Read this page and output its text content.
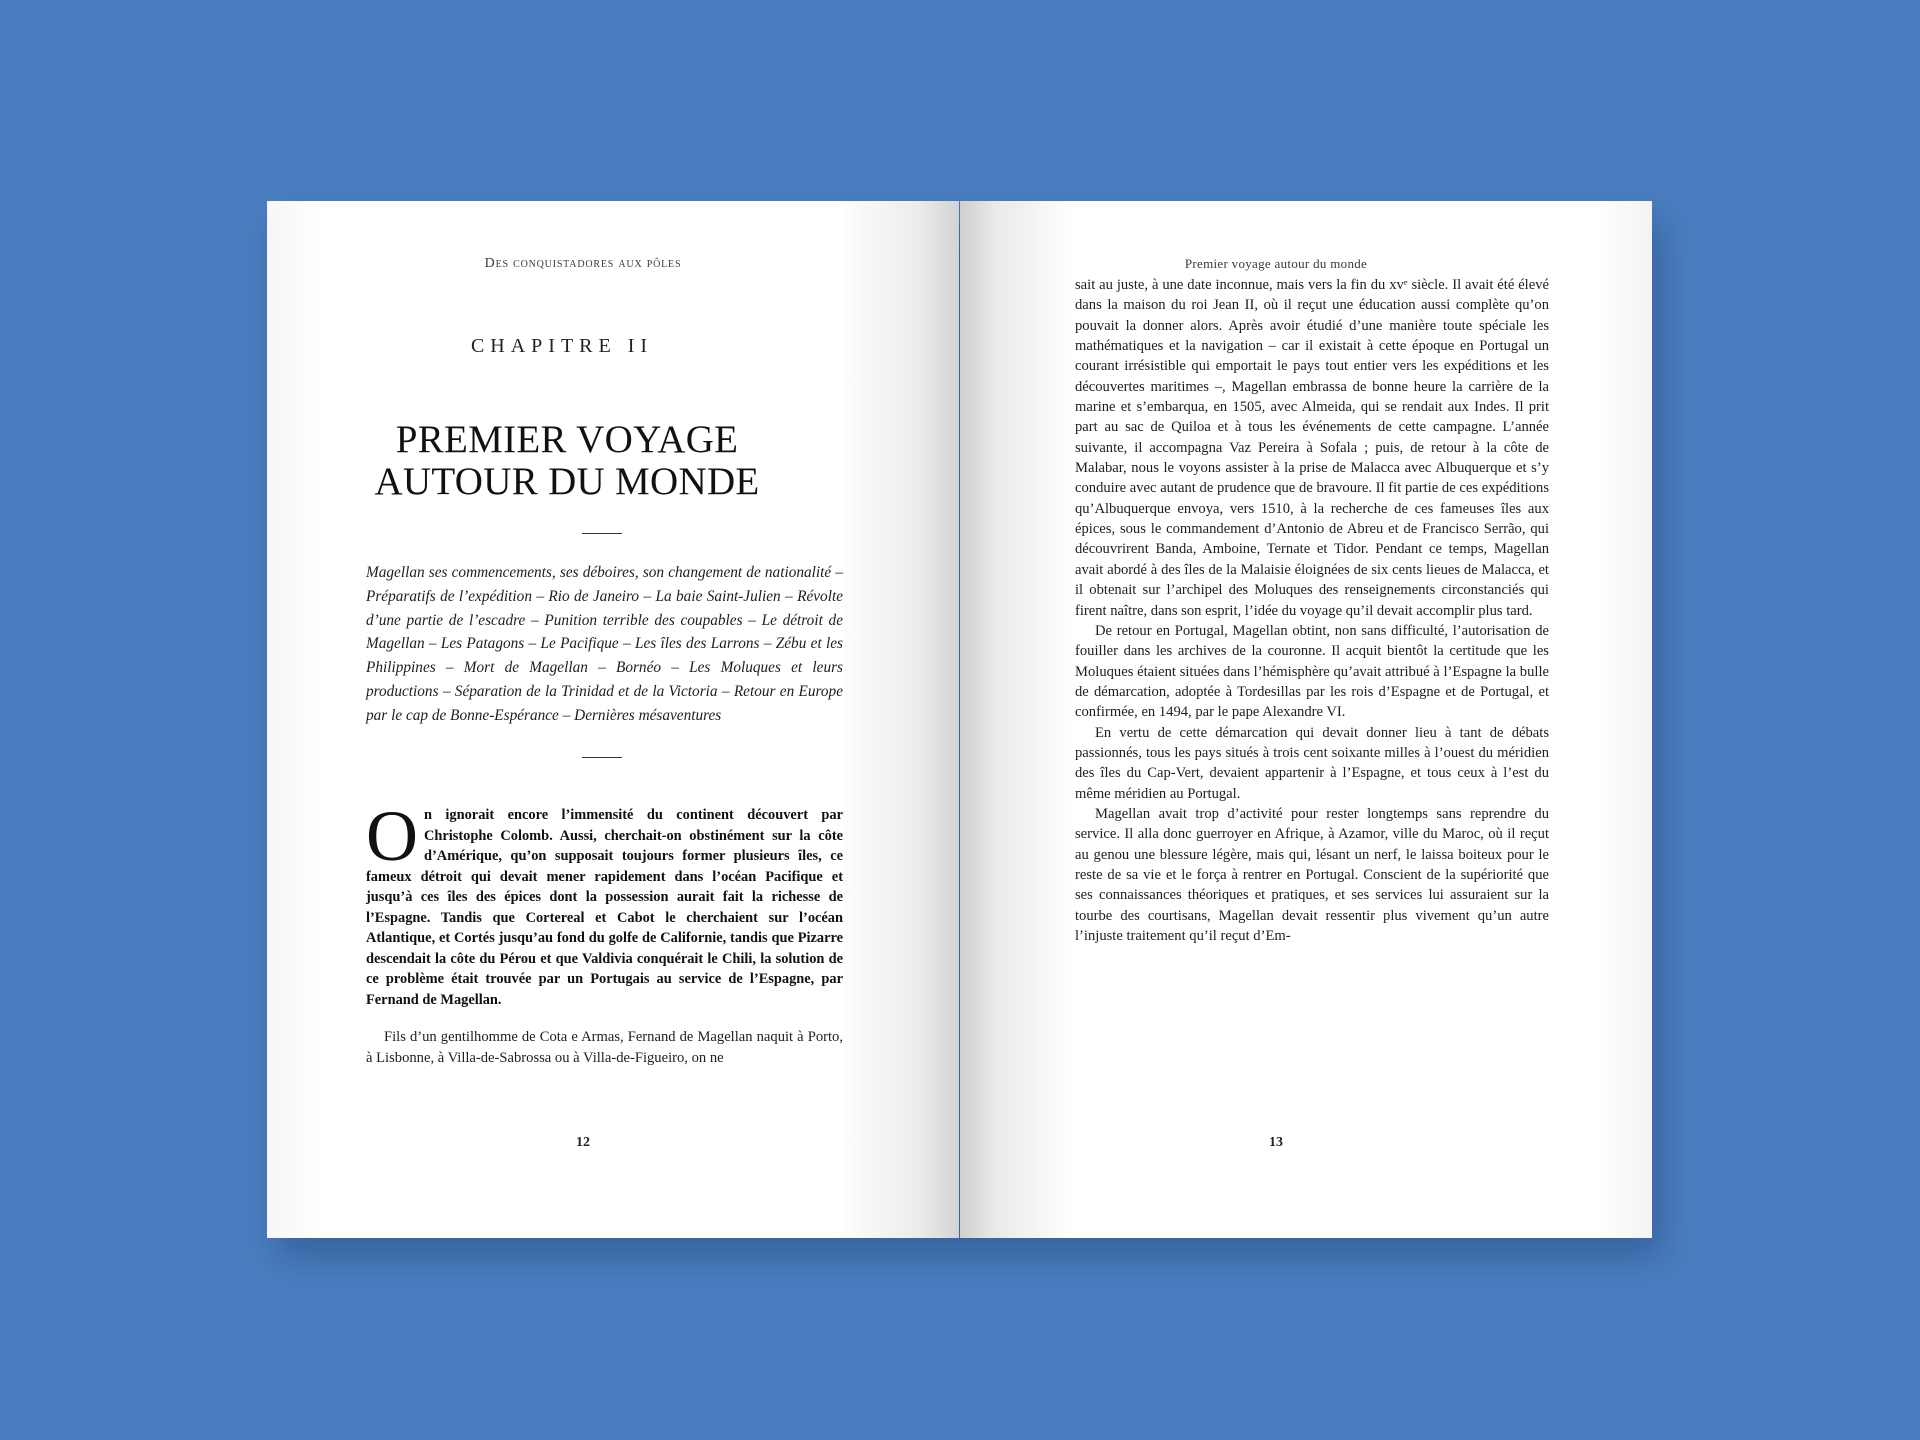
Des conquistadores aux pôles
CHAPITRE II
PREMIER VOYAGE
AUTOUR DU MONDE
Magellan ses commencements, ses déboires, son changement de nationalité – Préparatifs de l’expédition – Rio de Janeiro – La baie Saint-Julien – Révolte d’une partie de l’escadre – Punition terrible des coupables – Le détroit de Magellan – Les Patagons – Le Pacifique – Les îles des Larrons – Zébu et les Philippines – Mort de Magellan – Bornéo – Les Moluques et leurs productions – Séparation de la Trinidad et de la Victoria – Retour en Europe par le cap de Bonne-Espérance – Dernières mésaventures
On ignorait encore l’immensité du continent découvert par Christophe Colomb. Aussi, cherchait-on obstinément sur la côte d’Amérique, qu’on supposait toujours former plusieurs îles, ce fameux détroit qui devait mener rapidement dans l’océan Pacifique et jusqu’à ces îles des épices dont la possession aurait fait la richesse de l’Espagne. Tandis que Cortereal et Cabot le cherchaient sur l’océan Atlantique, et Cortés jusqu’au fond du golfe de Californie, tandis que Pizarre descendait la côte du Pérou et que Valdivia conquérait le Chili, la solution de ce problème était trouvée par un Portugais au service de l’Espagne, par Fernand de Magellan.
Fils d’un gentilhomme de Cota e Armas, Fernand de Magellan naquit à Porto, à Lisbonne, à Villa-de-Sabrossa ou à Villa-de-Figueiro, on ne
12
Premier voyage autour du monde

sait au juste, à une date inconnue, mais vers la fin du xvᵉ siècle. Il avait été élevé dans la maison du roi Jean II, où il reçut une éducation aussi complète qu’on pouvait la donner alors. Après avoir étudié d’une manière toute spéciale les mathématiques et la navigation – car il existait à cette époque en Portugal un courant irrésistible qui emportait le pays tout entier vers les expéditions et les découvertes maritimes –, Magellan embrassa de bonne heure la carrière de la marine et s’embarqua, en 1505, avec Almeida, qui se rendait aux Indes. Il prit part au sac de Quiloa et à tous les événements de cette campagne. L’année suivante, il accompagna Vaz Pereira à Sofala ; puis, de retour à la côte de Malabar, nous le voyons assister à la prise de Malacca avec Albuquerque et s’y conduire avec autant de prudence que de bravoure. Il fit partie de ces expéditions qu’Albuquerque envoya, vers 1510, à la recherche de ces fameuses îles aux épices, sous le commandement d’Antonio de Abreu et de Francisco Serrão, qui découvrirent Banda, Amboine, Ternate et Tidor. Pendant ce temps, Magellan avait abordé à des îles de la Malaisie éloignées de six cents lieues de Malacca, et il obtenait sur l’archipel des Moluques des renseignements circonstanciés qui firent naître, dans son esprit, l’idée du voyage qu’il devait accomplir plus tard.

De retour en Portugal, Magellan obtint, non sans difficulté, l’autorisation de fouiller dans les archives de la couronne. Il acquit bientôt la certitude que les Moluques étaient situées dans l’hémisphère qu’avait attribué à l’Espagne la bulle de démarcation, adoptée à Tordesillas par les rois d’Espagne et de Portugal, et confirmée, en 1494, par le pape Alexandre VI.

En vertu de cette démarcation qui devait donner lieu à tant de débats passionnés, tous les pays situés à trois cent soixante milles à l’ouest du méridien des îles du Cap-Vert, devaient appartenir à l’Espagne, et tous ceux à l’est du même méridien au Portugal.

Magellan avait trop d’activité pour rester longtemps sans reprendre du service. Il alla donc guerroyer en Afrique, à Azamor, ville du Maroc, où il reçut au genou une blessure légère, mais qui, lésant un nerf, le laissa boiteux pour le reste de sa vie et le força à rentrer en Portugal. Conscient de la supériorité que ses connaissances théoriques et pratiques, et ses services lui assuraient sur la tourbe des courtisans, Magellan devait ressentir plus vivement qu’un autre l’injuste traitement qu’il reçut d’Em-

13
